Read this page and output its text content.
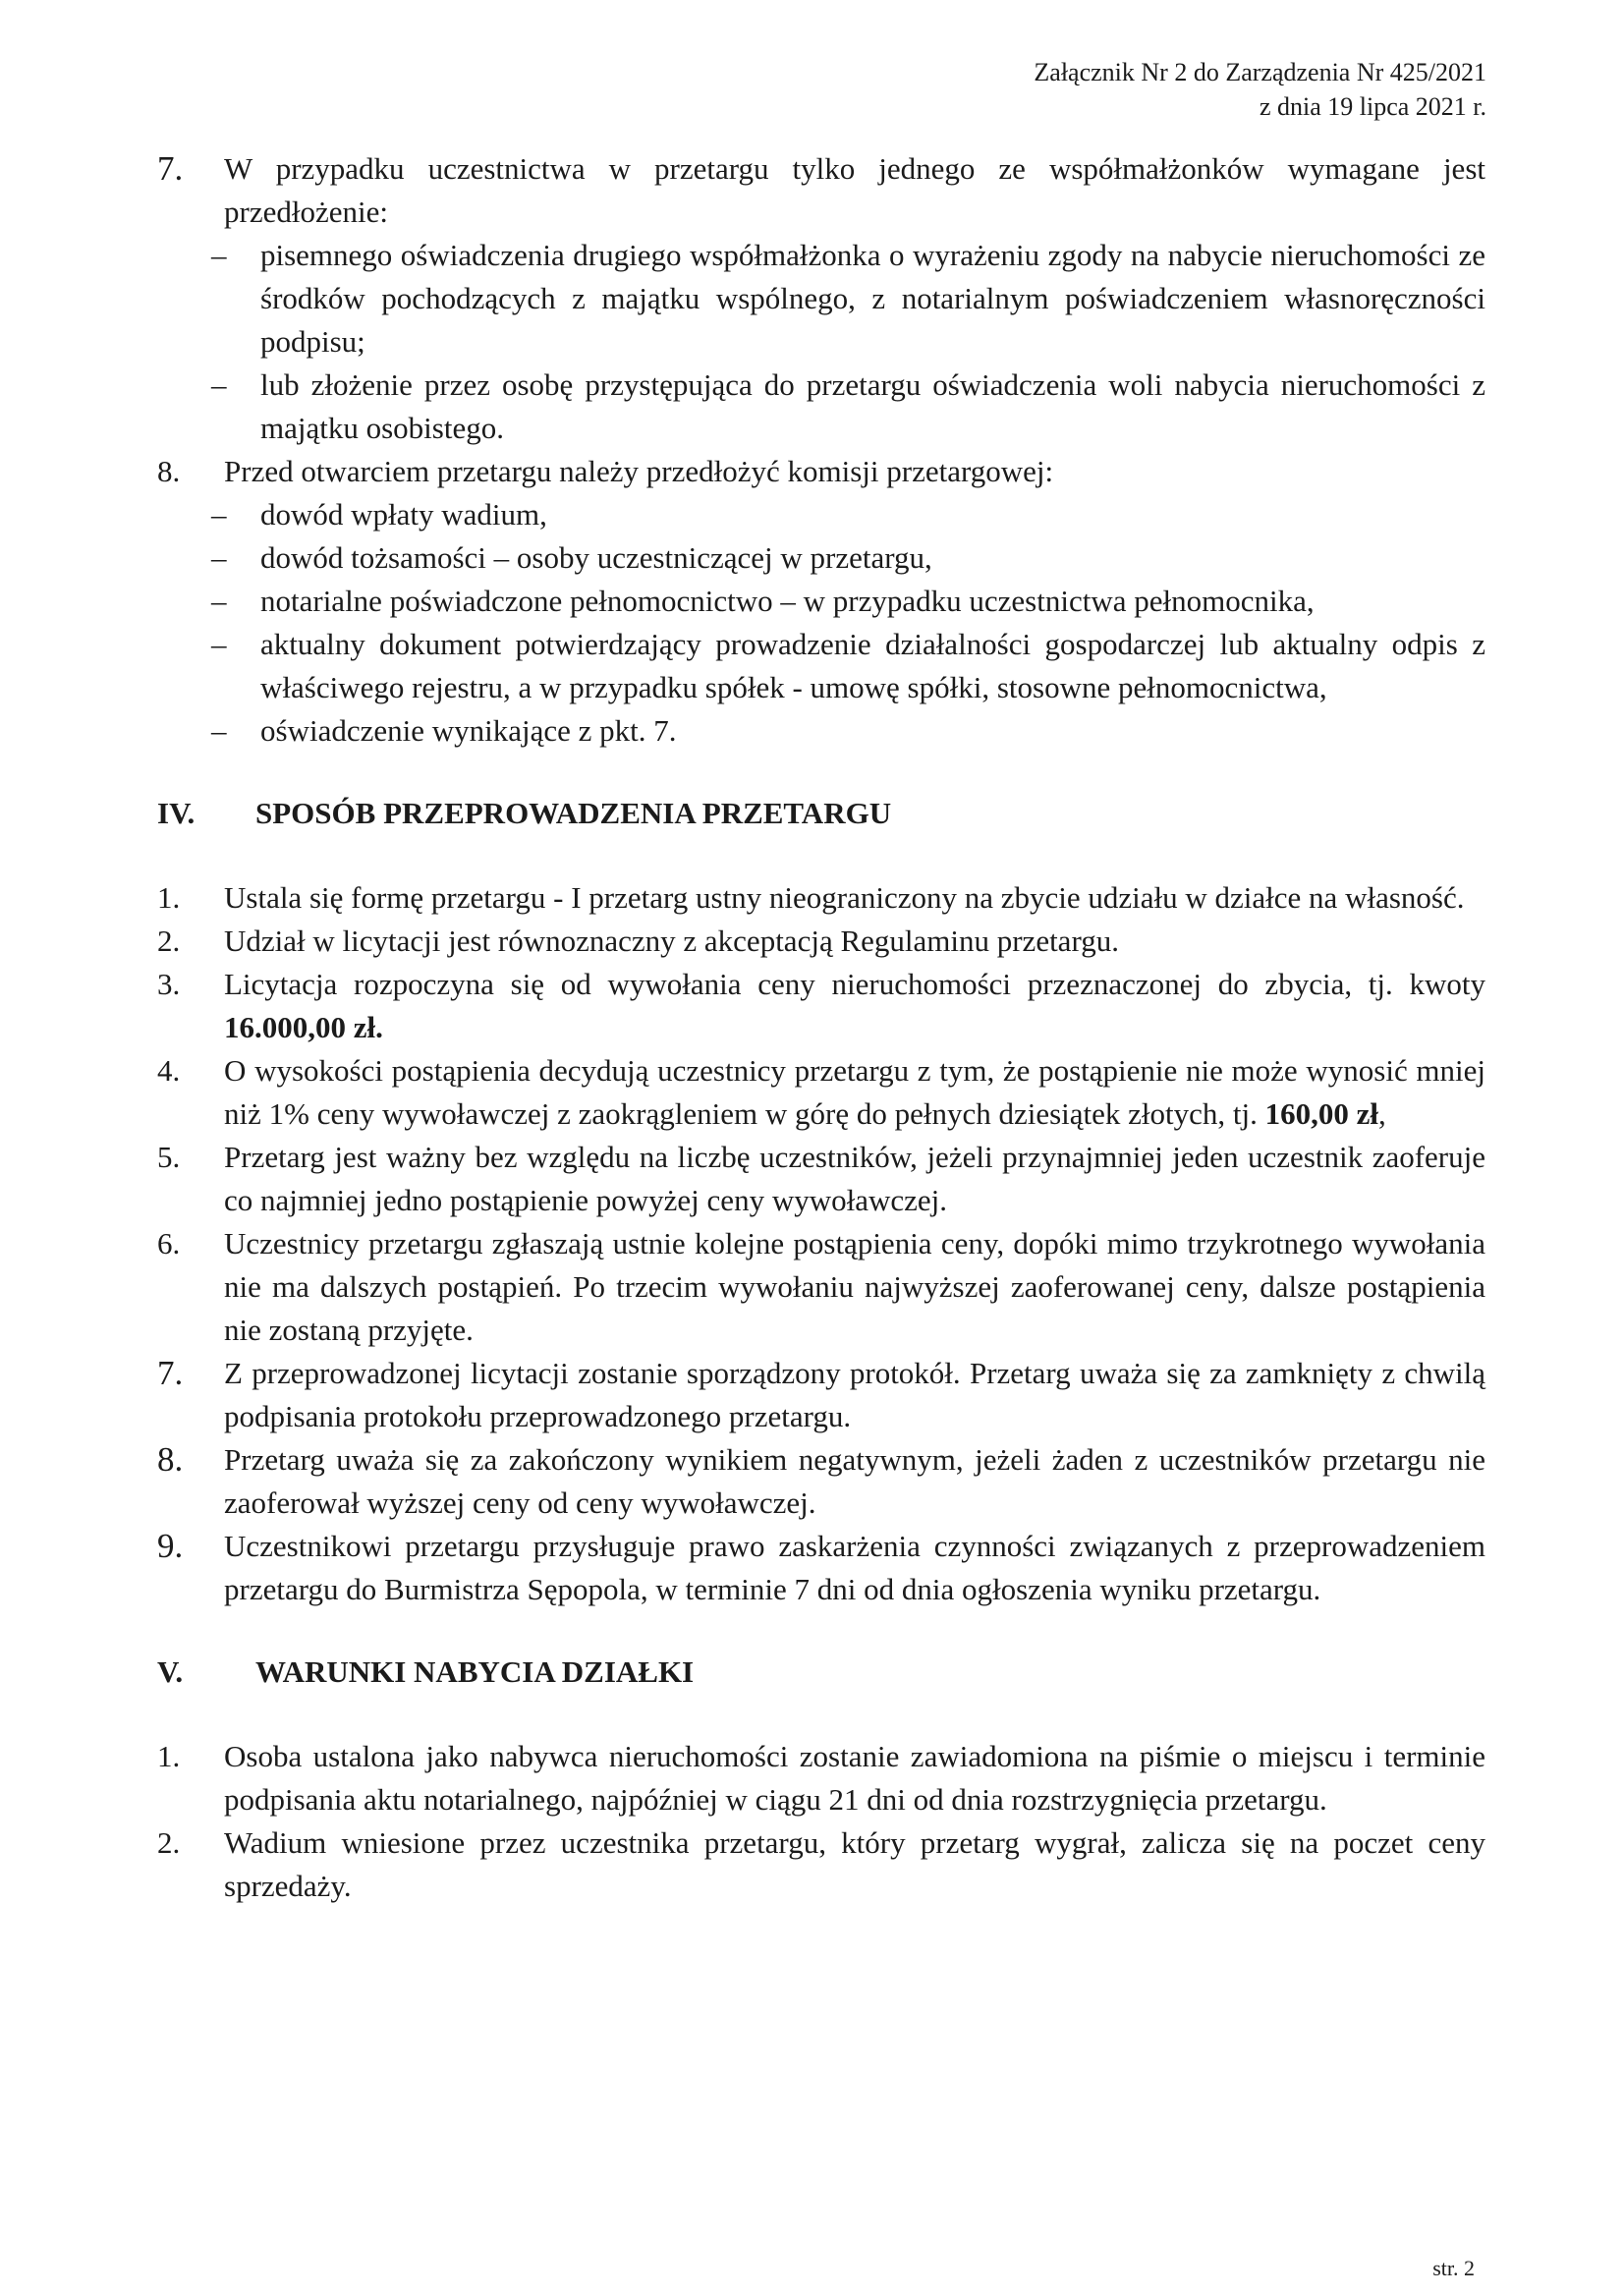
Załącznik Nr 2 do Zarządzenia Nr 425/2021
z dnia 19 lipca 2021 r.
7.	W przypadku uczestnictwa w przetargu tylko jednego ze współmałżonków wymagane jest przedłożenie:
– pisemnego oświadczenia drugiego współmałżonka o wyrażeniu zgody na nabycie nieruchomości ze środków pochodzących z majątku wspólnego, z notarialnym poświadczeniem własnoręczności podpisu;
– lub złożenie przez osobę przystępująca do przetargu oświadczenia woli nabycia nieruchomości z majątku osobistego.
8.	Przed otwarciem przetargu należy przedłożyć komisji przetargowej:
– dowód wpłaty wadium,
– dowód tożsamości – osoby uczestniczącej w przetargu,
– notarialne poświadczone pełnomocnictwo – w przypadku uczestnictwa pełnomocnika,
– aktualny dokument potwierdzający prowadzenie działalności gospodarczej lub aktualny odpis z właściwego rejestru, a w przypadku spółek - umowę spółki, stosowne pełnomocnictwa,
– oświadczenie wynikające z pkt. 7.
IV. SPOSÓB PRZEPROWADZENIA PRZETARGU
1.	Ustala się formę przetargu - I przetarg ustny nieograniczony na zbycie udziału w działce na własność.
2.	Udział w licytacji jest równoznaczny z akceptacją Regulaminu przetargu.
3.	Licytacja rozpoczyna się od wywołania ceny nieruchomości przeznaczonej do zbycia, tj. kwoty 16.000,00 zł.
4.	O wysokości postąpienia decydują uczestnicy przetargu z tym, że postąpienie nie może wynosić mniej niż 1% ceny wywoławczej z zaokrągleniem w górę do pełnych dziesiątek złotych, tj. 160,00 zł,
5.	Przetarg jest ważny bez względu na liczbę uczestników, jeżeli przynajmniej jeden uczestnik zaoferuje co najmniej jedno postąpienie powyżej ceny wywoławczej.
6.	Uczestnicy przetargu zgłaszają ustnie kolejne postąpienia ceny, dopóki mimo trzykrotnego wywołania nie ma dalszych postąpień. Po trzecim wywołaniu najwyższej zaoferowanej ceny, dalsze postąpienia nie zostaną przyjęte.
7.	Z przeprowadzonej licytacji zostanie sporządzony protokół. Przetarg uważa się za zamknięty z chwilą podpisania protokołu przeprowadzonego przetargu.
8.	Przetarg uważa się za zakończony wynikiem negatywnym, jeżeli żaden z uczestników przetargu nie zaoferował wyższej ceny od ceny wywoławczej.
9.	Uczestnikowi przetargu przysługuje prawo zaskarżenia czynności związanych z przeprowadzeniem przetargu do Burmistrza Sępopola, w terminie 7 dni od dnia ogłoszenia wyniku przetargu.
V. WARUNKI NABYCIA DZIAŁKI
1.	Osoba ustalona jako nabywca nieruchomości zostanie zawiadomiona na piśmie o miejscu i terminie podpisania aktu notarialnego, najpóźniej w ciągu 21 dni od dnia rozstrzygnięcia przetargu.
2.	Wadium wniesione przez uczestnika przetargu, który przetarg wygrał, zalicza się na poczet ceny sprzedaży.
str. 2
